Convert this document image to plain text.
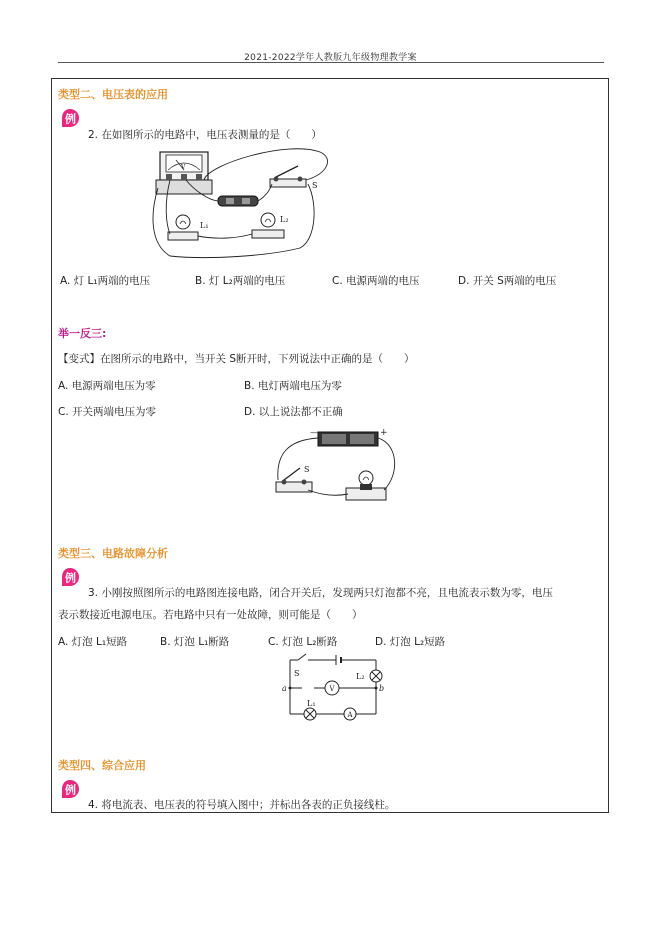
2021-2022学年人教版九年级物理教学案
类型二、电压表的应用
例
2. 在如图所示的电路中，电压表测量的是（　　）
V
S
L₁
L₂
A. 灯 L₁两端的电压	B. 灯 L₂两端的电压	C. 电源两端的电压	D. 开关 S两端的电压
举一反三:
【变式】在图所示的电路中，当开关 S断开时，下列说法中正确的是（　　）
A. 电源两端电压为零	B. 电灯两端电压为零
C. 开关两端电压为零	D. 以上说法都不正确
—	+
S
类型三、电路故障分析
例
3. 小刚按照图所示的电路图连接电路，闭合开关后，发现两只灯泡都不亮，且电流表示数为零，电压
表示数接近电源电压。若电路中只有一处故障，则可能是（　　）
A. 灯泡 L₁短路	B. 灯泡 L₁断路	C. 灯泡 L₂断路	D. 灯泡 L₂短路
S	L₂
L₁
a	b
V
A
类型四、综合应用
例
4. 将电流表、电压表的符号填入图中；并标出各表的正负接线柱。
